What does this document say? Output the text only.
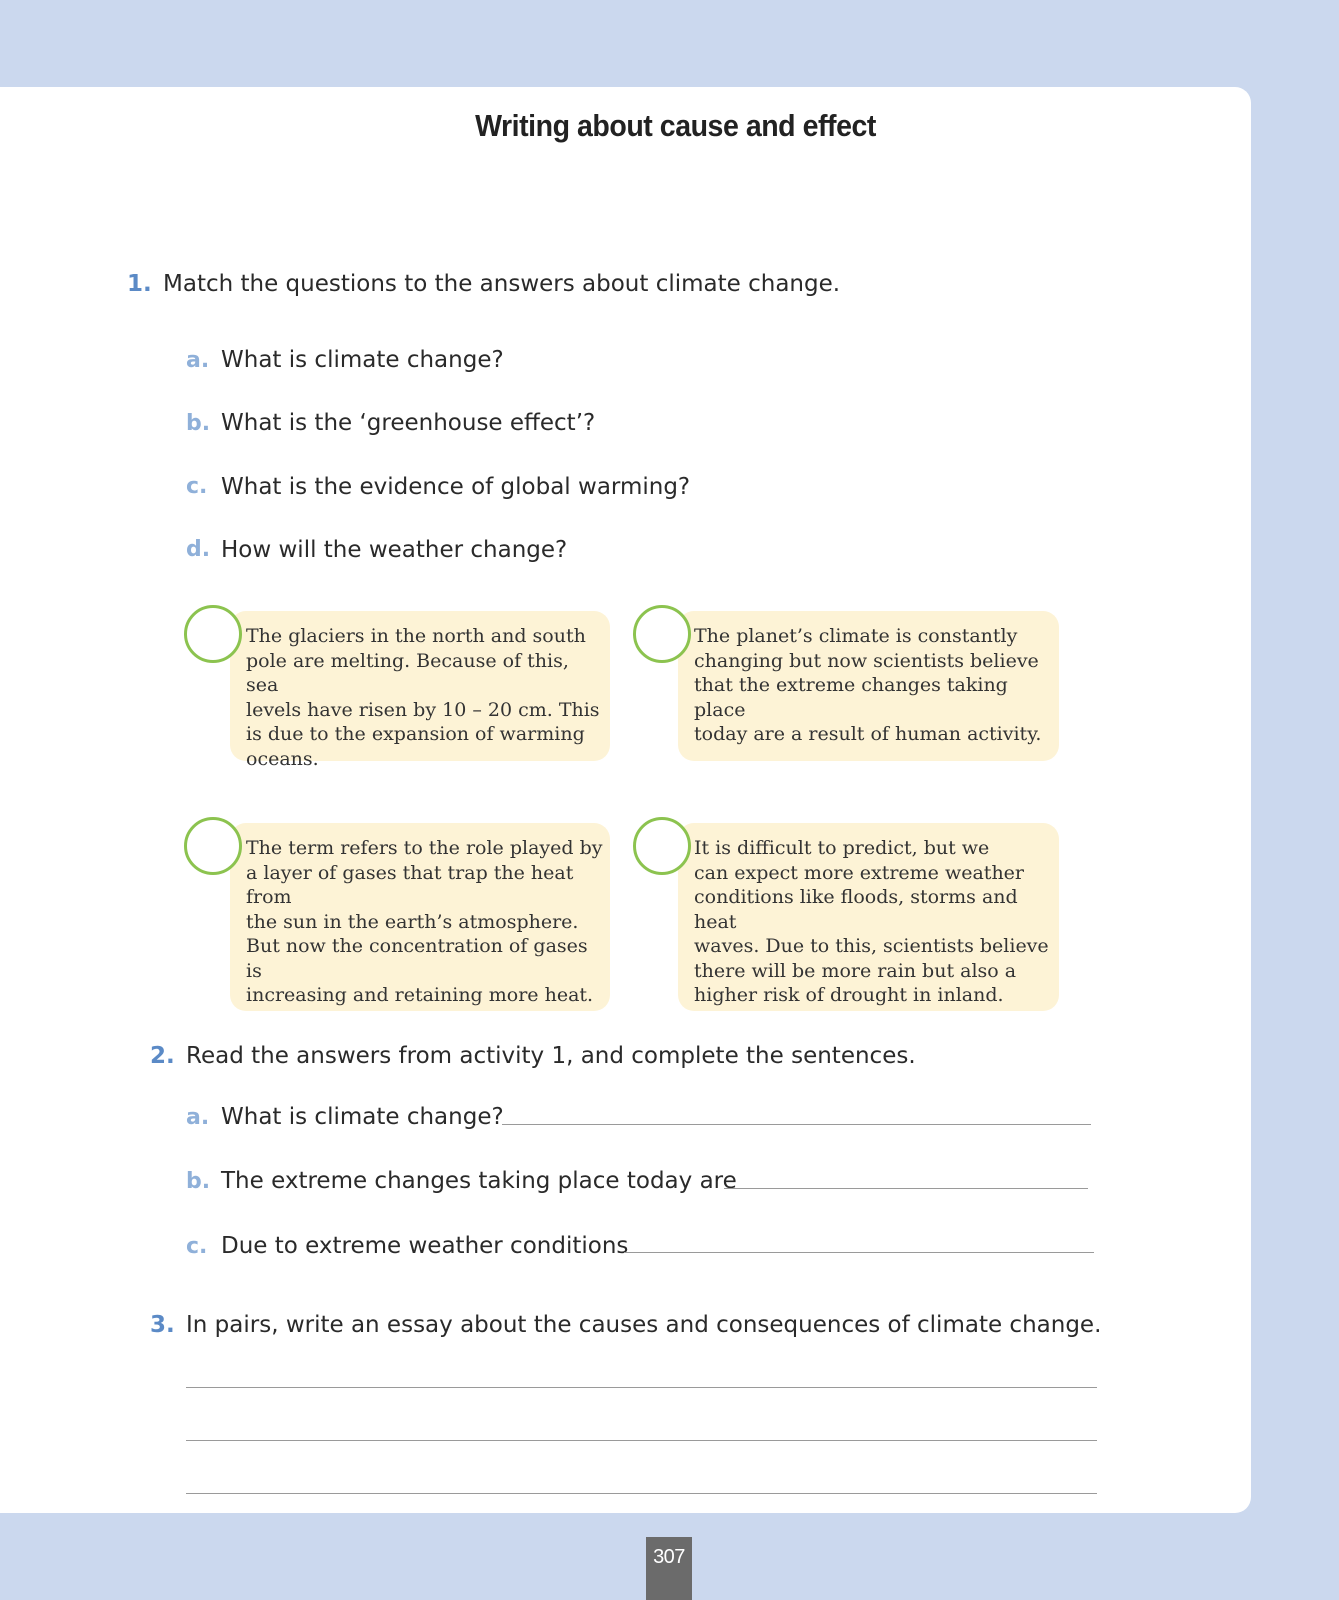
Writing about cause and effect
1. Match the questions to the answers about climate change.
a. What is climate change?
b. What is the ‘greenhouse effect’?
c. What is the evidence of global warming?
d. How will the weather change?
The glaciers in the north and south
pole are melting. Because of this, sea
levels have risen by 10 – 20 cm. This
is due to the expansion of warming
oceans.
The planet’s climate is constantly
changing but now scientists believe
that the extreme changes taking place
today are a result of human activity.
The term refers to the role played by
a layer of gases that trap the heat from
the sun in the earth’s atmosphere.
But now the concentration of gases is
increasing and retaining more heat.
It is difficult to predict, but we
can expect more extreme weather
conditions like floods, storms and heat
waves. Due to this, scientists believe
there will be more rain but also a
higher risk of drought in inland.
2. Read the answers from activity 1, and complete the sentences.
a. What is climate change?
b. The extreme changes taking place today are
c. Due to extreme weather conditions
3. In pairs, write an essay about the causes and consequences of climate change.
307
